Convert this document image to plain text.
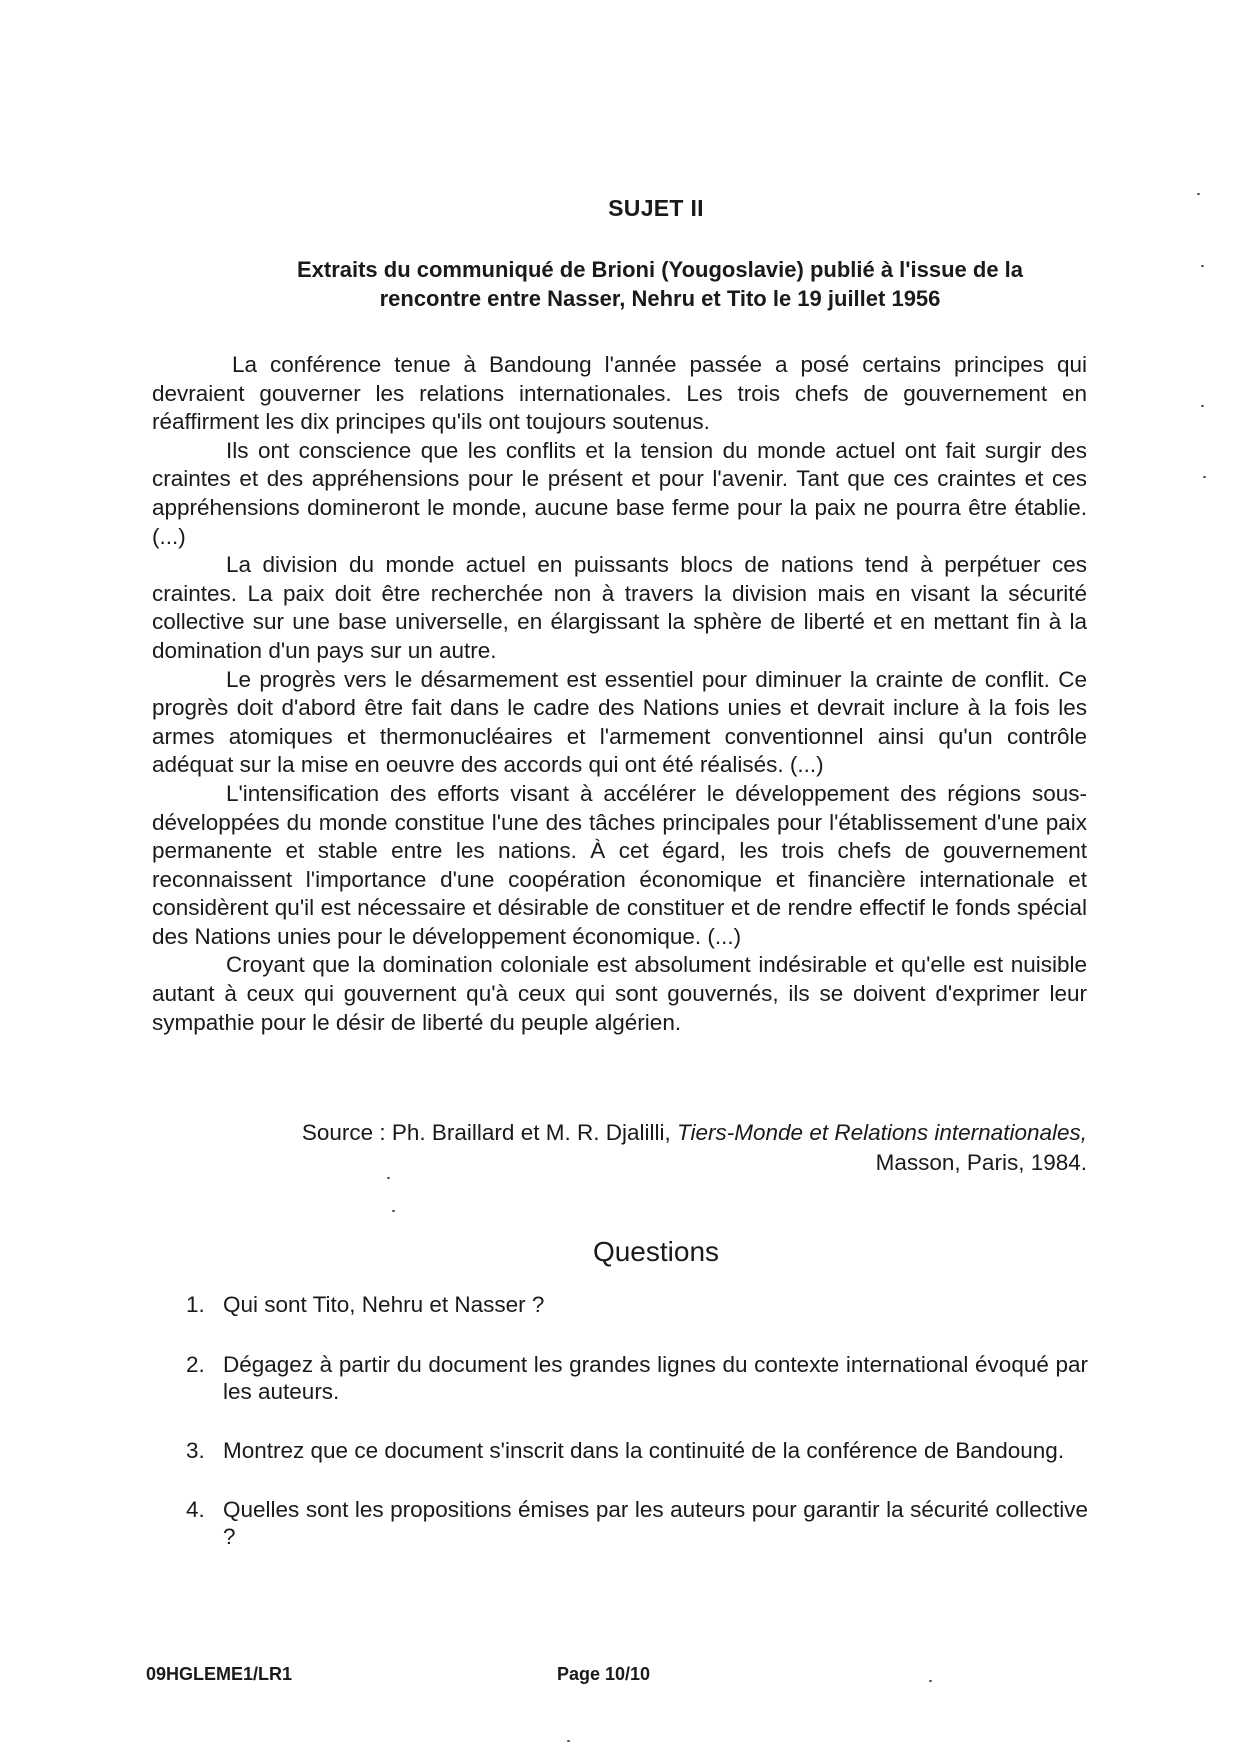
SUJET II
Extraits du communiqué de Brioni (Yougoslavie) publié à l'issue de la
rencontre entre Nasser, Nehru et Tito le 19 juillet 1956

La conférence tenue à Bandoung l'année passée a posé certains principes qui devraient gouverner les relations internationales. Les trois chefs de gouvernement en réaffirment les dix principes qu'ils ont toujours soutenus.

Ils ont conscience que les conflits et la tension du monde actuel ont fait surgir des craintes et des appréhensions pour le présent et pour l'avenir. Tant que ces craintes et ces appréhensions domineront le monde, aucune base ferme pour la paix ne pourra être établie. (...)

La division du monde actuel en puissants blocs de nations tend à perpétuer ces craintes. La paix doit être recherchée non à travers la division mais en visant la sécurité collective sur une base universelle, en élargissant la sphère de liberté et en mettant fin à la domination d'un pays sur un autre.

Le progrès vers le désarmement est essentiel pour diminuer la crainte de conflit. Ce progrès doit d'abord être fait dans le cadre des Nations unies et devrait inclure à la fois les armes atomiques et thermonucléaires et l'armement conventionnel ainsi qu'un contrôle adéquat sur la mise en oeuvre des accords qui ont été réalisés. (...)

L'intensification des efforts visant à accélérer le développement des régions sous-développées du monde constitue l'une des tâches principales pour l'établissement d'une paix permanente et stable entre les nations. À cet égard, les trois chefs de gouvernement reconnaissent l'importance d'une coopération économique et financière internationale et considèrent qu'il est nécessaire et désirable de constituer et de rendre effectif le fonds spécial des Nations unies pour le développement économique. (...)

Croyant que la domination coloniale est absolument indésirable et qu'elle est nuisible autant à ceux qui gouvernent qu'à ceux qui sont gouvernés, ils se doivent d'exprimer leur sympathie pour le désir de liberté du peuple algérien.

Source : Ph. Braillard et M. R. Djalilli, Tiers-Monde et Relations internationales,
Masson, Paris, 1984.
Questions
1. Qui sont Tito, Nehru et Nasser ?
2. Dégagez à partir du document les grandes lignes du contexte international évoqué par les auteurs.
3. Montrez que ce document s'inscrit dans la continuité de la conférence de Bandoung.
4. Quelles sont les propositions émises par les auteurs pour garantir la sécurité collective ?
09HGLEME1/LR1	Page 10/10
